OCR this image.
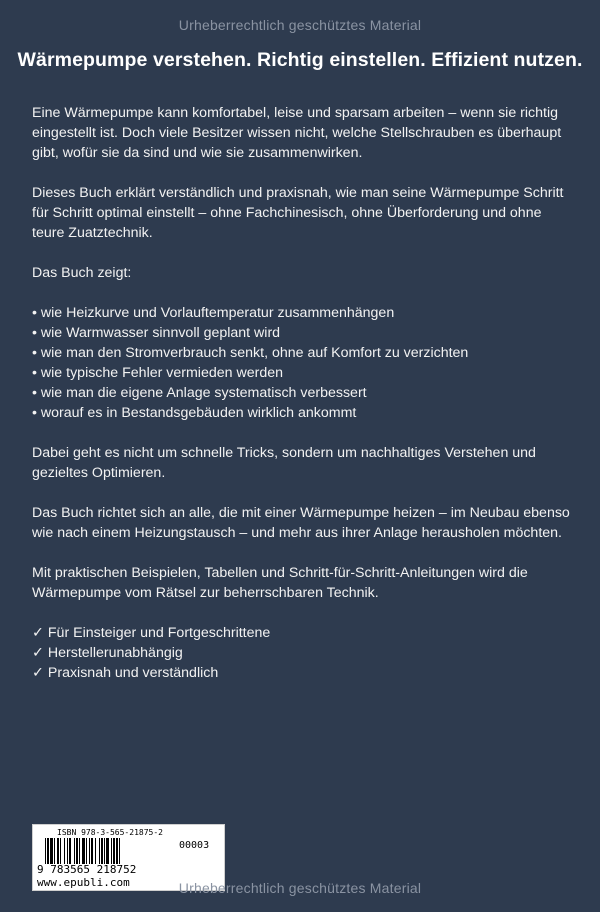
Urheberrechtlich geschütztes Material
Wärmepumpe verstehen. Richtig einstellen. Effizient nutzen.

Eine Wärmepumpe kann komfortabel, leise und sparsam arbeiten – wenn sie richtig eingestellt ist. Doch viele Besitzer wissen nicht, welche Stellschrauben es überhaupt gibt, wofür sie da sind und wie sie zusammenwirken.

Dieses Buch erklärt verständlich und praxisnah, wie man seine Wärmepumpe Schritt für Schritt optimal einstellt – ohne Fachchinesisch, ohne Überforderung und ohne teure Zuatztechnik.

Das Buch zeigt:

• wie Heizkurve und Vorlauftemperatur zusammenhängen
• wie Warmwasser sinnvoll geplant wird
• wie man den Stromverbrauch senkt, ohne auf Komfort zu verzichten
• wie typische Fehler vermieden werden
• wie man die eigene Anlage systematisch verbessert
• worauf es in Bestandsgebäuden wirklich ankommt

Dabei geht es nicht um schnelle Tricks, sondern um nachhaltiges Verstehen und gezieltes Optimieren.

Das Buch richtet sich an alle, die mit einer Wärmepumpe heizen – im Neubau ebenso wie nach einem Heizungstausch – und mehr aus ihrer Anlage herausholen möchten.

Mit praktischen Beispielen, Tabellen und Schritt-für-Schritt-Anleitungen wird die Wärmepumpe vom Rätsel zur beherrschbaren Technik.

✓ Für Einsteiger und Fortgeschrittene
✓ Herstellerunabhängig
✓ Praxisnah und verständlich
ISBN 978-3-565-21875-2
00003
9 783565 218752
www.epubli.com	Urheberrechtlich geschütztes Material
